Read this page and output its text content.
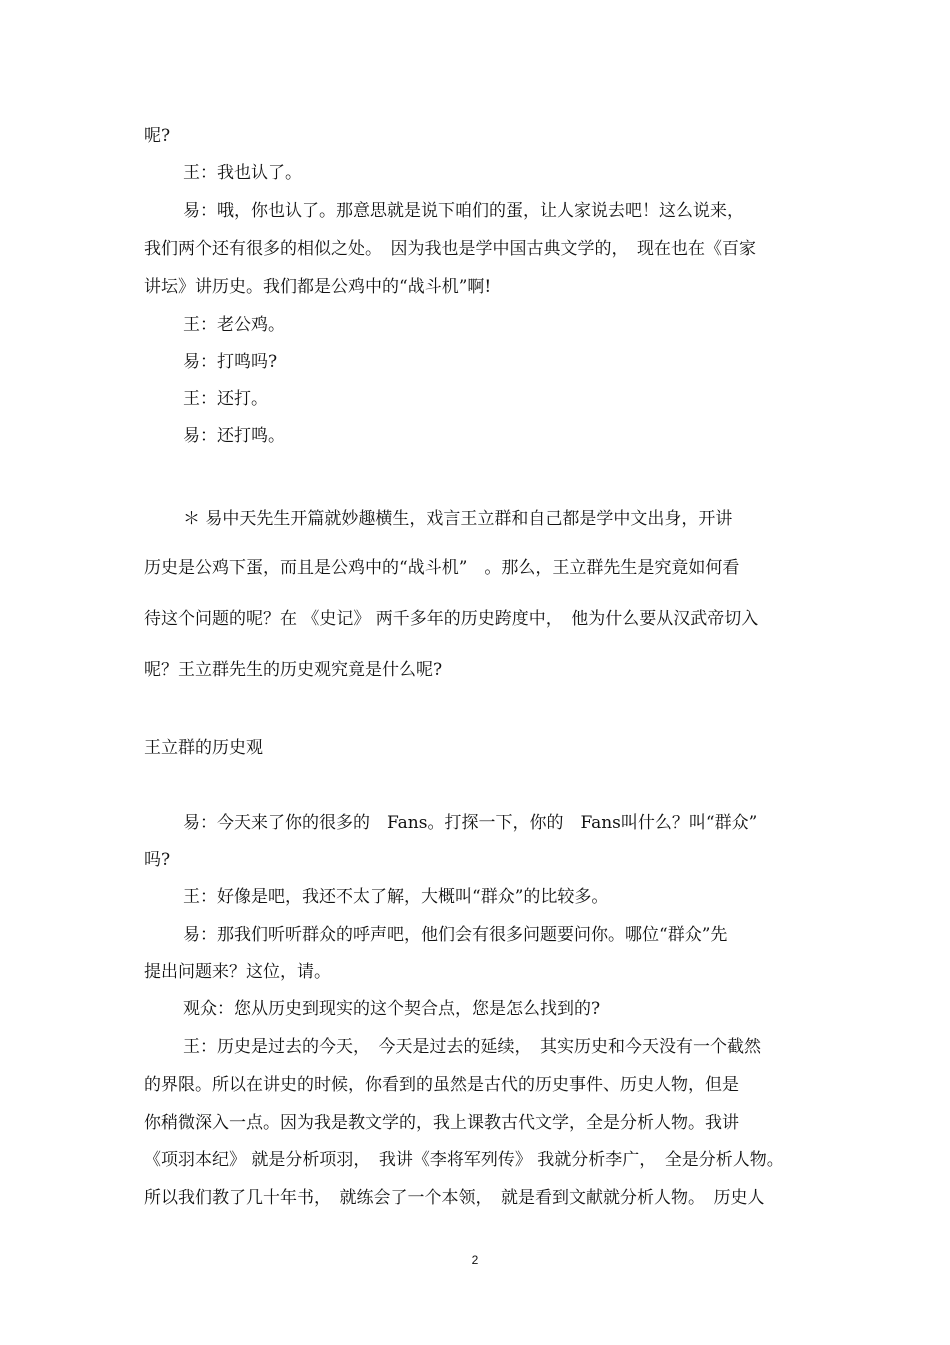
呢?

王：我也认了。

易：哦，你也认了。那意思就是说下咱们的蛋，让人家说去吧！这么说来，

我们两个还有很多的相似之处。　因为我也是学中国古典文学的，　现在也在《百家

讲坛》讲历史。我们都是公鸡中的“战斗机”啊!

王：老公鸡。

易：打鸣吗?

王：还打。

易：还打鸣。

＊ 易中天先生开篇就妙趣横生，戏言王立群和自己都是学中文出身，开讲

历史是公鸡下蛋，而且是公鸡中的“战斗机”　。那么，王立群先生是究竟如何看

待这个问题的呢？在 《史记》 两千多年的历史跨度中，　他为什么要从汉武帝切入

呢？王立群先生的历史观究竟是什么呢?

王立群的历史观

易：今天来了你的很多的　Fans。打探一下，你的　Fans叫什么？叫“群众”

吗?

王：好像是吧，我还不太了解，大概叫“群众”的比较多。

易：那我们听听群众的呼声吧，他们会有很多问题要问你。哪位“群众”先

提出问题来？这位，请。

观众：您从历史到现实的这个契合点，您是怎么找到的?

王：历史是过去的今天，　今天是过去的延续，　其实历史和今天没有一个截然

的界限。所以在讲史的时候，你看到的虽然是古代的历史事件、历史人物，但是

你稍微深入一点。因为我是教文学的，我上课教古代文学，全是分析人物。我讲

《项羽本纪》 就是分析项羽，　我讲《李将军列传》 我就分析李广，　全是分析人物。

所以我们教了几十年书，　就练会了一个本领，　就是看到文献就分析人物。　历史人

2
